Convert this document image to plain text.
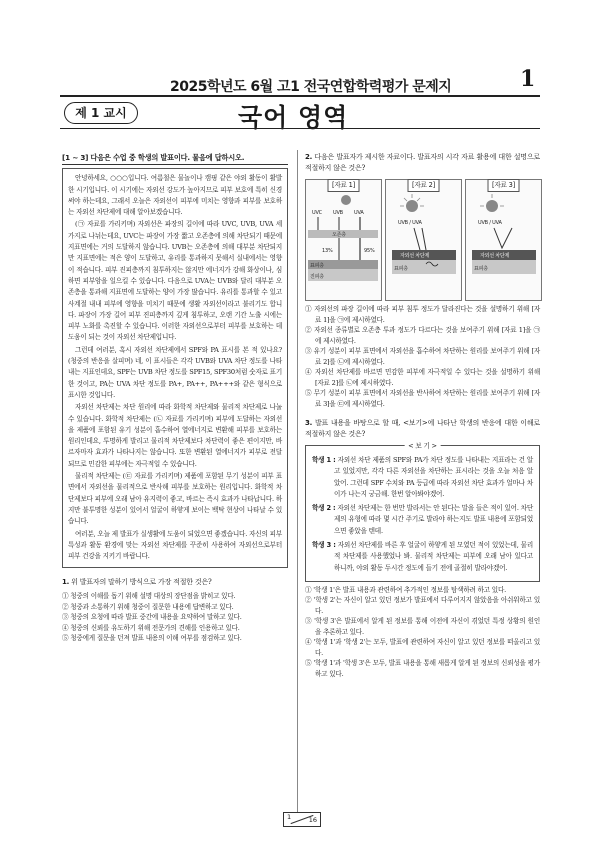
2025학년도 6월 고1 전국연합학력평가 문제지	1
제 1 교시	국어 영역
[1 ~ 3] 다음은 수업 중 학생의 발표이다. 물음에 답하시오.

안녕하세요, ○○○입니다. 여름철은 물놀이나 캠핑 같은 야외 활동이 활발한 시기입니다. 이 시기에는 자외선 강도가 높아지므로 피부 보호에 특히 신경 써야 하는데요, 그래서 오늘은 자외선이 피부에 미치는 영향과 피부를 보호하는 자외선 차단제에 대해 알아보겠습니다.

(㉠ 자료를 가리키며) 자외선은 파장의 길이에 따라 UVC, UVB, UVA 세 가지로 나뉘는데요, UVC는 파장이 가장 짧고 오존층에 의해 차단되기 때문에 지표면에는 거의 도달하지 않습니다. UVB는 오존층에 의해 대부분 차단되지만 지표면에는 적은 양이 도달하고, 유리를 통과하지 못해서 실내에서는 영향이 적습니다. 피부 진피층까지 침투하지는 않지만 에너지가 강해 화상이나, 심하면 피부암을 일으킬 수 있습니다. 다음으로 UVA는 UVB와 달리 대부분 오존층을 통과해 지표면에 도달하는 양이 가장 많습니다. 유리를 통과할 수 있고 사계절 내내 피부에 영향을 미치기 때문에 생활 자외선이라고 불리기도 합니다. 파장이 가장 길어 피부 진피층까지 깊게 침투하고, 오랜 기간 노출 시에는 피부 노화를 촉진할 수 있습니다. 이러한 자외선으로부터 피부를 보호하는 데 도움이 되는 것이 자외선 차단제입니다.

그런데 여러분, 혹시 자외선 차단제에서 SPF와 PA 표시를 본 적 있나요? (청중의 반응을 살피며) 네, 이 표시들은 각각 UVB와 UVA 차단 정도를 나타내는 지표인데요, SPF는 UVB 차단 정도를 SPF15, SPF30처럼 숫자로 표기한 것이고, PA는 UVA 차단 정도를 PA+, PA++, PA+++와 같은 형식으로 표시한 것입니다.

자외선 차단제는 차단 원리에 따라 화학적 차단제와 물리적 차단제로 나눌 수 있습니다. 화학적 차단제는 (㉡ 자료를 가리키며) 피부에 도달하는 자외선을 제품에 포함된 유기 성분이 흡수하여 열에너지로 변환해 피부를 보호하는 원리인데요, 투명하게 발리고 물리적 차단제보다 차단력이 좋은 편이지만, 바르자마자 효과가 나타나지는 않습니다. 또한 변환된 열에너지가 피부로 전달되므로 민감한 피부에는 자극적일 수 있습니다.

물리적 차단제는 (㉢ 자료를 가리키며) 제품에 포함된 무기 성분이 피부 표면에서 자외선을 물리적으로 반사해 피부를 보호하는 원리입니다. 화학적 차단제보다 피부에 오래 남아 유지력이 좋고, 바르는 즉시 효과가 나타납니다. 하지만 불투명한 성분이 있어서 얼굴이 하얗게 보이는 백탁 현상이 나타날 수 있습니다.

여러분, 오늘 제 발표가 실생활에 도움이 되었으면 좋겠습니다. 자신의 피부 특성과 활동 환경에 맞는 자외선 차단제를 꾸준히 사용하여 자외선으로부터 피부 건강을 지키기 바랍니다.

1. 위 발표자의 말하기 방식으로 가장 적절한 것은?
① 청중의 이해를 돕기 위해 설명 대상의 장단점을 밝히고 있다.
② 청중과 소통하기 위해 청중이 질문한 내용에 답변하고 있다.
③ 청중의 요청에 따라 발표 중간에 내용을 요약하여 말하고 있다.
④ 청중의 신뢰를 유도하기 위해 전문가의 견해를 인용하고 있다.
⑤ 청중에게 질문을 던져 발표 내용의 이해 여부를 점검하고 있다.
2. 다음은 발표자가 제시한 자료이다. 발표자의 시각 자료 활용에 대한 설명으로 적절하지 않은 것은?
[자료 1]
UVC UVB UVA
오존층
13%	95%
표피층
진피층
[자료 2]
UVB / UVA
자외선 차단제
표피층
[자료 3]
UVB / UVA
자외선 차단제
표피층
① 자외선의 파장 길이에 따라 피부 침투 정도가 달라진다는 것을 설명하기 위해 [자료 1]을 ㉠에 제시하였다.
② 자외선 종류별로 오존층 투과 정도가 다르다는 것을 보여주기 위해 [자료 1]을 ㉠에 제시하였다.
③ 유기 성분이 피부 표면에서 자외선을 흡수하여 차단하는 원리를 보여주기 위해 [자료 2]를 ㉡에 제시하였다.
④ 자외선 차단제를 바르면 민감한 피부에 자극적일 수 있다는 것을 설명하기 위해 [자료 2]를 ㉡에 제시하였다.
⑤ 무기 성분이 피부 표면에서 자외선을 반사하여 차단하는 원리를 보여주기 위해 [자료 3]을 ㉢에 제시하였다.
3. 발표 내용을 바탕으로 할 때, <보기>에 나타난 학생의 반응에 대한 이해로 적절하지 않은 것은?
< 보 기 >

학생 1 : 자외선 차단 제품의 SPF와 PA가 차단 정도를 나타내는 지표라는 건 알고 있었지만, 각각 다른 자외선을 차단하는 표시라는 것을 오늘 처음 알았어. 그런데 SPF 수치와 PA 등급에 따라 자외선 차단 효과가 얼마나 차이가 나는지 궁금해. 한번 알아봐야겠어.

학생 2 : 자외선 차단제는 한 번만 발라서는 안 된다는 말을 들은 적이 있어. 차단제의 유형에 따라 몇 시간 주기로 발라야 하는지도 발표 내용에 포함되었으면 좋았을 텐데.

학생 3 : 자외선 차단제를 바른 후 얼굴이 하얗게 된 모였던 적이 있었는데, 물리적 차단제를 사용했었나 봐. 물리적 차단제는 피부에 오래 남아 있다고 하니까, 야외 활동 두시간 정도에 들기 전에 골절히 발라야겠어.

① '학생 1'은 발표 내용과 관련하여 추가적인 정보를 탐색하려 하고 있다.
② '학생 2'는 자신이 알고 있던 정보가 발표에서 다루어지지 않았음을 아쉬워하고 있다.
③ '학생 3'은 발표에서 알게 된 정보를 통해 이전에 자신이 겪었던 특정 상황의 원인을 추론하고 있다.
④ '학생 1'과 '학생 2'는 모두, 발표에 관련하여 자신이 알고 있던 정보를 떠올리고 있다.
⑤ '학생 1'과 '학생 3'은 모두, 발표 내용을 통해 새롭게 알게 된 정보의 신뢰성을 평가하고 있다.
1	16
